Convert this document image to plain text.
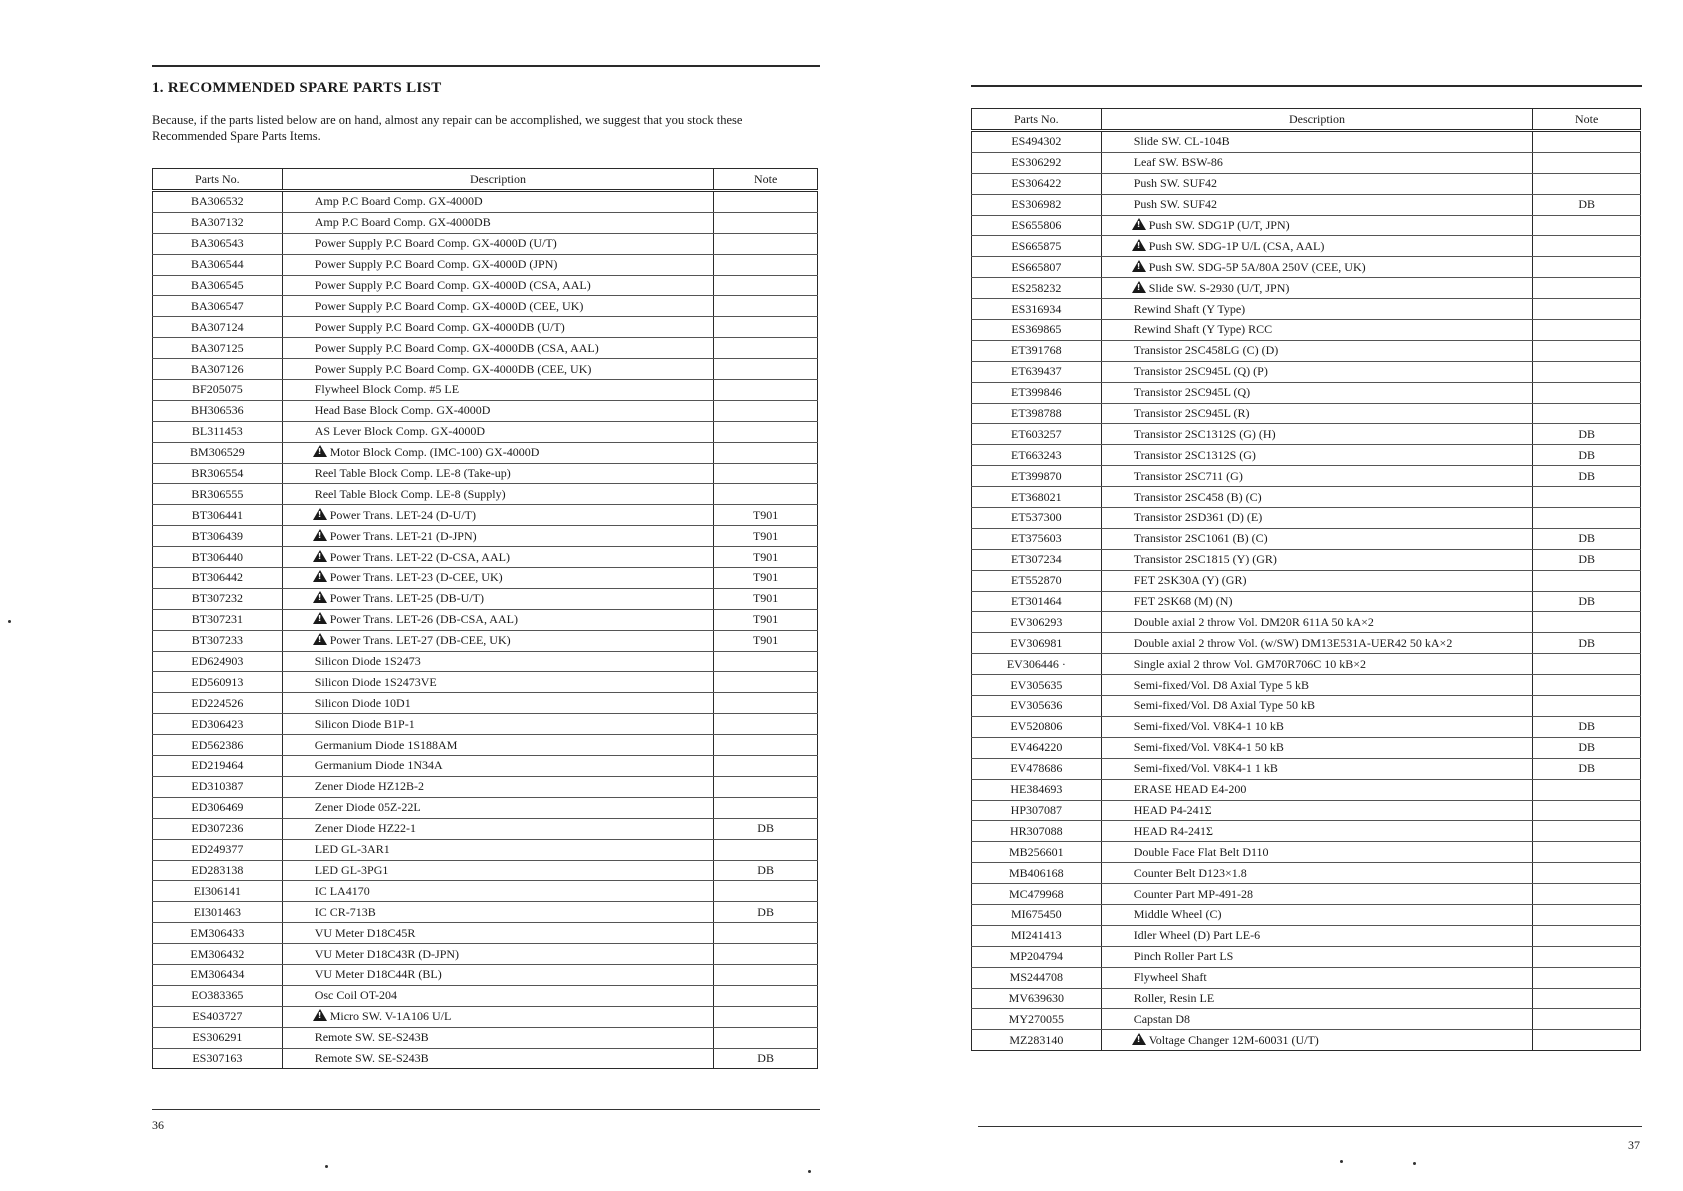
1. RECOMMENDED SPARE PARTS LIST
Because, if the parts listed below are on hand, almost any repair can be accomplished, we suggest that you stock these Recommended Spare Parts Items.
Parts No.	Description	Note
BA306532	Amp P.C Board Comp. GX-4000D	
BA307132	Amp P.C Board Comp. GX-4000DB	
BA306543	Power Supply P.C Board Comp. GX-4000D (U/T)	
BA306544	Power Supply P.C Board Comp. GX-4000D (JPN)	
BA306545	Power Supply P.C Board Comp. GX-4000D (CSA, AAL)	
BA306547	Power Supply P.C Board Comp. GX-4000D (CEE, UK)	
BA307124	Power Supply P.C Board Comp. GX-4000DB (U/T)	
BA307125	Power Supply P.C Board Comp. GX-4000DB (CSA, AAL)	
BA307126	Power Supply P.C Board Comp. GX-4000DB (CEE, UK)	
BF205075	Flywheel Block Comp. #5 LE	
BH306536	Head Base Block Comp. GX-4000D	
BL311453	AS Lever Block Comp. GX-4000D	
BM306529	!Motor Block Comp. (IMC-100) GX-4000D	
BR306554	Reel Table Block Comp. LE-8 (Take-up)	
BR306555	Reel Table Block Comp. LE-8 (Supply)	
BT306441	!Power Trans. LET-24 (D-U/T)	T901
BT306439	!Power Trans. LET-21 (D-JPN)	T901
BT306440	!Power Trans. LET-22 (D-CSA, AAL)	T901
BT306442	!Power Trans. LET-23 (D-CEE, UK)	T901
BT307232	!Power Trans. LET-25 (DB-U/T)	T901
BT307231	!Power Trans. LET-26 (DB-CSA, AAL)	T901
BT307233	!Power Trans. LET-27 (DB-CEE, UK)	T901
ED624903	Silicon Diode 1S2473	
ED560913	Silicon Diode 1S2473VE	
ED224526	Silicon Diode 10D1	
ED306423	Silicon Diode B1P-1	
ED562386	Germanium Diode 1S188AM	
ED219464	Germanium Diode 1N34A	
ED310387	Zener Diode HZ12B-2	
ED306469	Zener Diode 05Z-22L	
ED307236	Zener Diode HZ22-1	DB
ED249377	LED GL-3AR1	
ED283138	LED GL-3PG1	DB
EI306141	IC LA4170	
EI301463	IC CR-713B	DB
EM306433	VU Meter D18C45R	
EM306432	VU Meter D18C43R (D-JPN)	
EM306434	VU Meter D18C44R (BL)	
EO383365	Osc Coil OT-204	
ES403727	!Micro SW. V-1A106 U/L	
ES306291	Remote SW. SE-S243B	
ES307163	Remote SW. SE-S243B	DB
36
Parts No.	Description	Note
ES494302	Slide SW. CL-104B	
ES306292	Leaf SW. BSW-86	
ES306422	Push SW. SUF42	
ES306982	Push SW. SUF42	DB
ES655806	!Push SW. SDG1P (U/T, JPN)	
ES665875	!Push SW. SDG-1P U/L (CSA, AAL)	
ES665807	!Push SW. SDG-5P 5A/80A 250V (CEE, UK)	
ES258232	!Slide SW. S-2930 (U/T, JPN)	
ES316934	Rewind Shaft (Y Type)	
ES369865	Rewind Shaft (Y Type) RCC	
ET391768	Transistor 2SC458LG (C) (D)	
ET639437	Transistor 2SC945L (Q) (P)	
ET399846	Transistor 2SC945L (Q)	
ET398788	Transistor 2SC945L (R)	
ET603257	Transistor 2SC1312S (G) (H)	DB
ET663243	Transistor 2SC1312S (G)	DB
ET399870	Transistor 2SC711 (G)	DB
ET368021	Transistor 2SC458 (B) (C)	
ET537300	Transistor 2SD361 (D) (E)	
ET375603	Transistor 2SC1061 (B) (C)	DB
ET307234	Transistor 2SC1815 (Y) (GR)	DB
ET552870	FET 2SK30A (Y) (GR)	
ET301464	FET 2SK68 (M) (N)	DB
EV306293	Double axial 2 throw Vol. DM20R 611A 50 kA×2	
EV306981	Double axial 2 throw Vol. (w/SW) DM13E531A-UER42 50 kA×2	DB
EV306446 ·	Single axial 2 throw Vol. GM70R706C 10 kB×2	
EV305635	Semi-fixed/Vol. D8 Axial Type 5 kB	
EV305636	Semi-fixed/Vol. D8 Axial Type 50 kB	
EV520806	Semi-fixed/Vol. V8K4-1 10 kB	DB
EV464220	Semi-fixed/Vol. V8K4-1 50 kB	DB
EV478686	Semi-fixed/Vol. V8K4-1 1 kB	DB
HE384693	ERASE HEAD E4-200	
HP307087	HEAD P4-241Σ	
HR307088	HEAD R4-241Σ	
MB256601	Double Face Flat Belt D110	
MB406168	Counter Belt D123×1.8	
MC479968	Counter Part MP-491-28	
MI675450	Middle Wheel (C)	
MI241413	Idler Wheel (D) Part LE-6	
MP204794	Pinch Roller Part LS	
MS244708	Flywheel Shaft	
MV639630	Roller, Resin LE	
MY270055	Capstan D8	
MZ283140	!Voltage Changer 12M-60031 (U/T)	
37
